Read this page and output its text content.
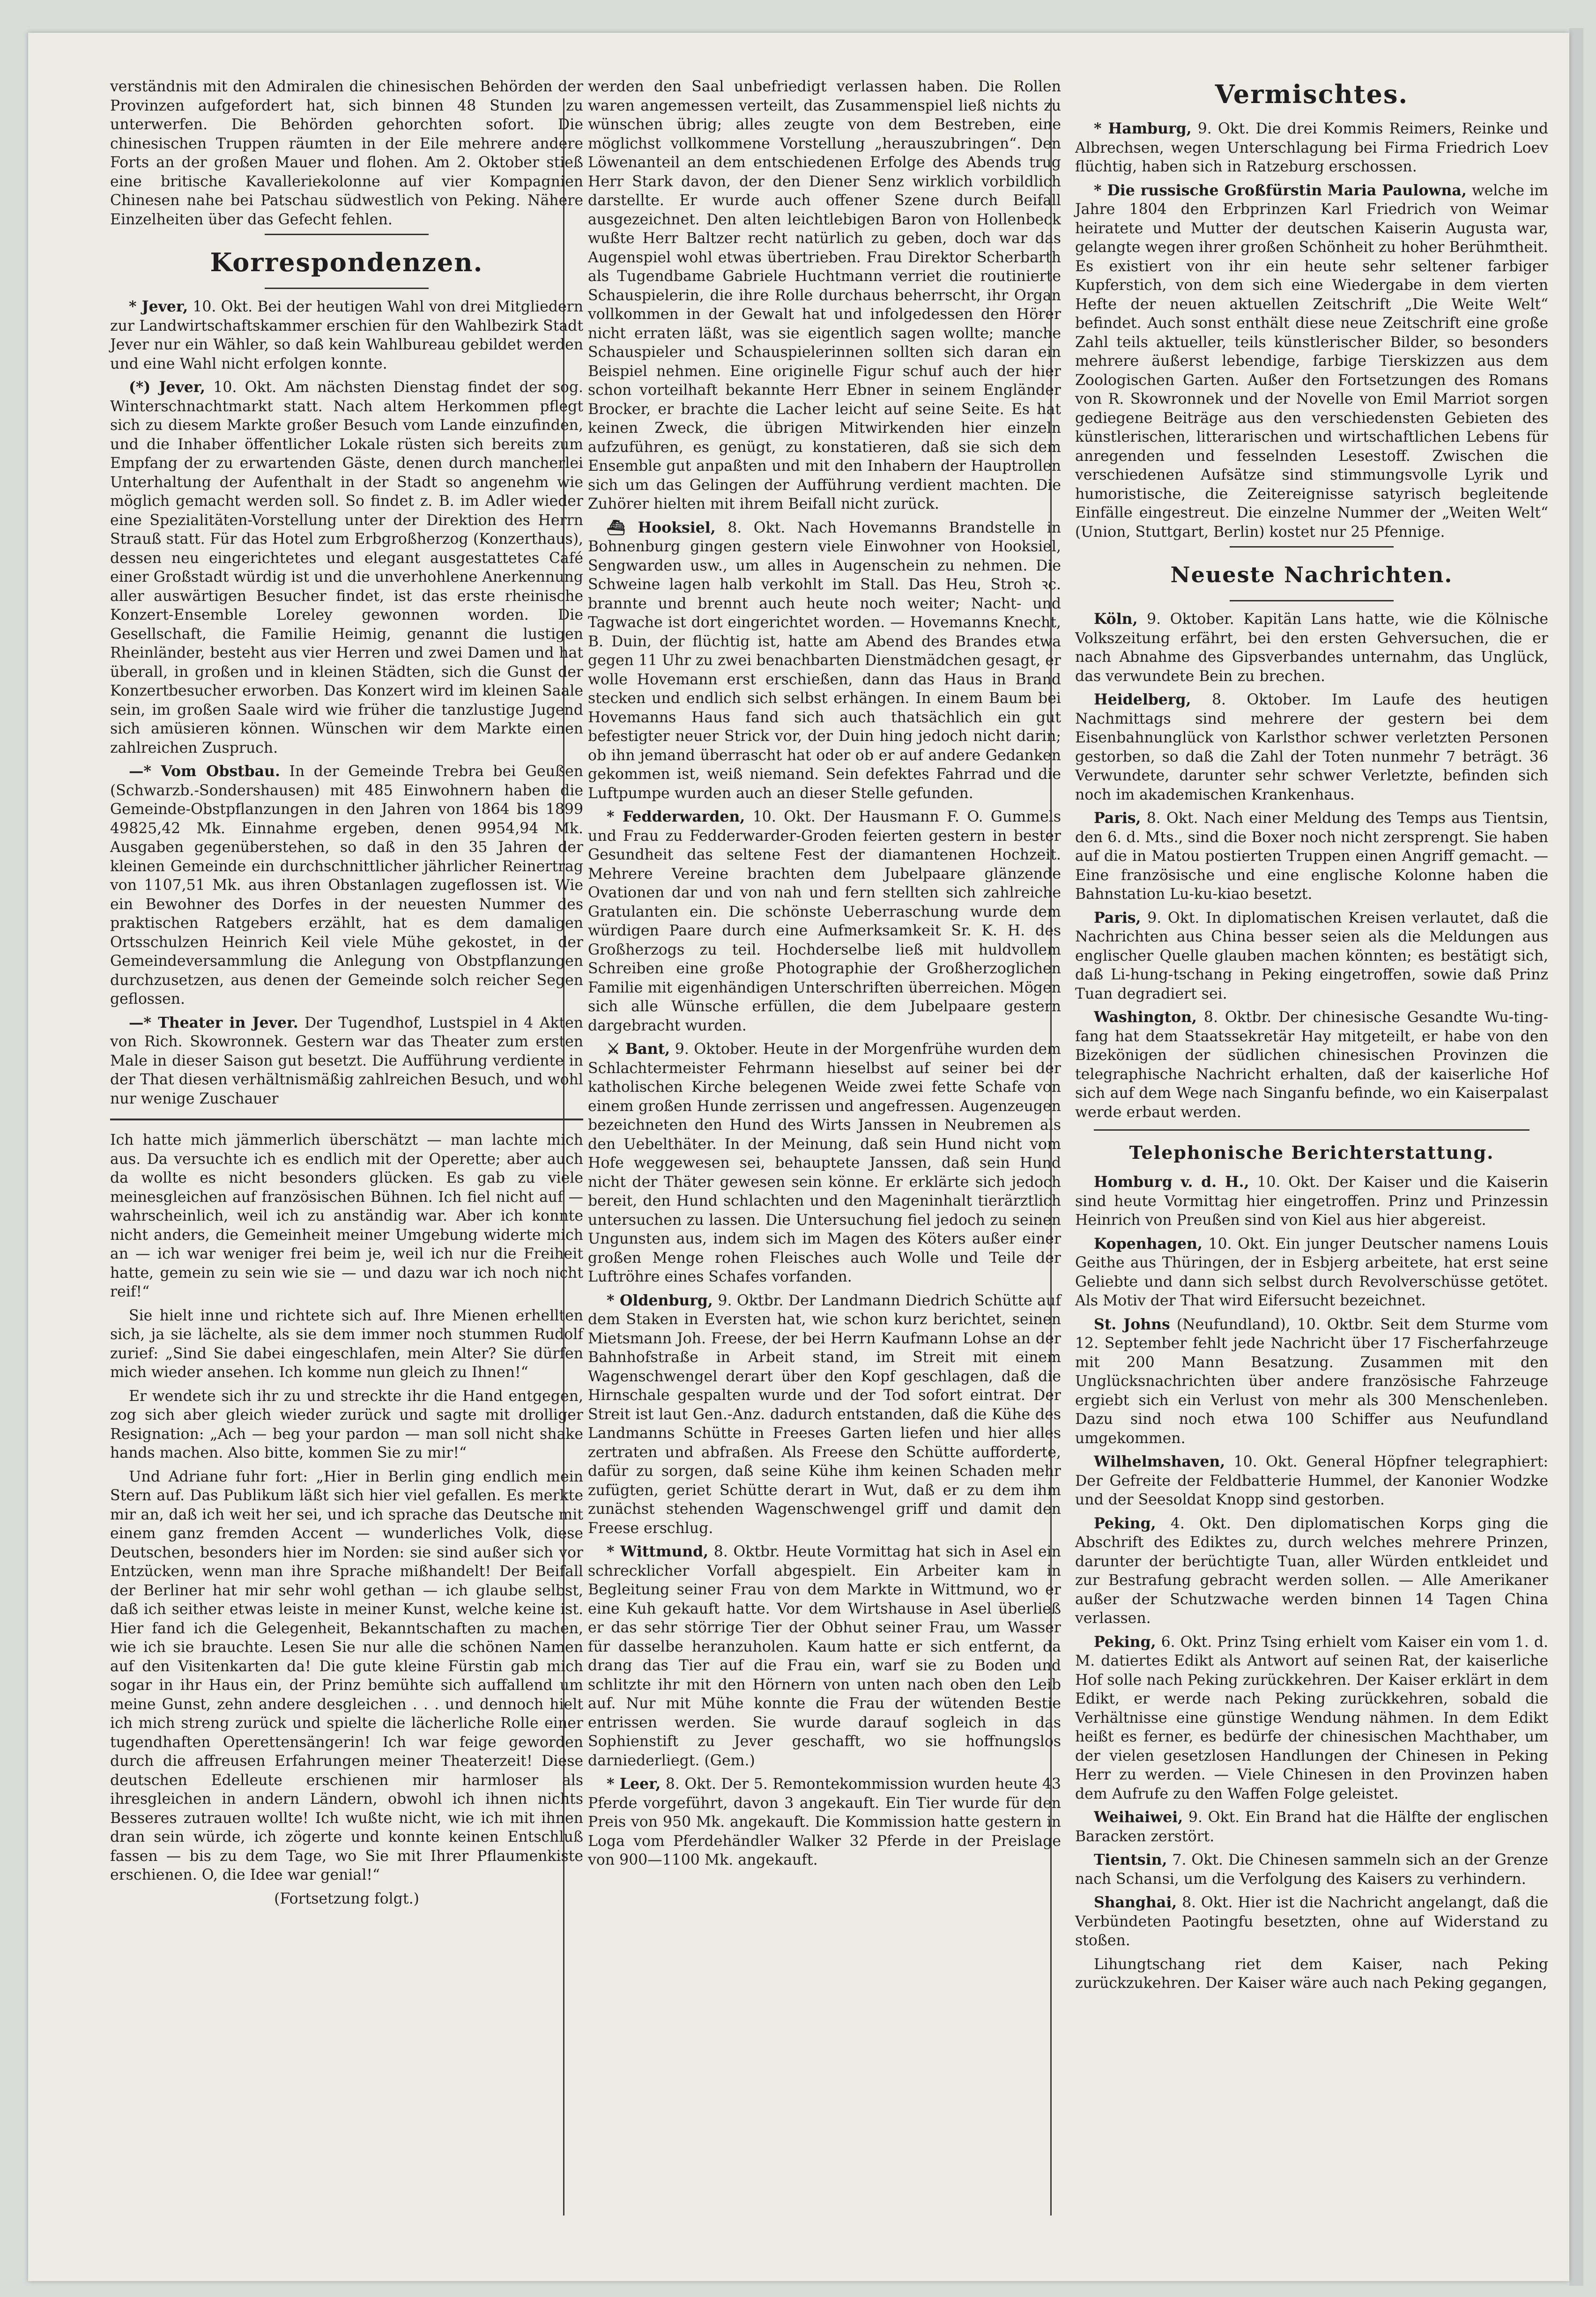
verständnis mit den Admiralen die chinesischen Behörden der Provinzen aufgefordert hat, sich binnen 48 Stunden zu unterwerfen. Die Behörden gehorchten sofort. Die chinesischen Truppen räumten in der Eile mehrere andere Forts an der großen Mauer und flohen. Am 2. Oktober stieß eine britische Kavalleriekolonne auf vier Kompagnien Chinesen nahe bei Patschau südwestlich von Peking. Nähere Einzelheiten über das Gefecht fehlen.

Korrespondenzen.

* Jever, 10. Okt. Bei der heutigen Wahl von drei Mitgliedern zur Landwirtschaftskammer erschien für den Wahlbezirk Stadt Jever nur ein Wähler, so daß kein Wahlbureau gebildet werden und eine Wahl nicht erfolgen konnte.

(*) Jever, 10. Okt. Am nächsten Dienstag findet der sog. Winterschnachtmarkt statt. Nach altem Herkommen pflegt sich zu diesem Markte großer Besuch vom Lande einzufinden, und die Inhaber öffentlicher Lokale rüsten sich bereits zum Empfang der zu erwartenden Gäste, denen durch mancherlei Unterhaltung der Aufenthalt in der Stadt so angenehm wie möglich gemacht werden soll. So findet z. B. im Adler wieder eine Spezialitäten-Vorstellung unter der Direktion des Herrn Strauß statt. Für das Hotel zum Erbgroßherzog (Konzerthaus), dessen neu eingerichtetes und elegant ausgestattetes Café einer Großstadt würdig ist und die unverhohlene Anerkennung aller auswärtigen Besucher findet, ist das erste rheinische Konzert-Ensemble Loreley gewonnen worden. Die Gesellschaft, die Familie Heimig, genannt die lustigen Rheinländer, besteht aus vier Herren und zwei Damen und hat überall, in großen und in kleinen Städten, sich die Gunst der Konzertbesucher erworben. Das Konzert wird im kleinen Saale sein, im großen Saale wird wie früher die tanzlustige Jugend sich amüsieren können. Wünschen wir dem Markte einen zahlreichen Zuspruch.

—* Vom Obstbau. In der Gemeinde Trebra bei Geußen (Schwarzb.-Sondershausen) mit 485 Einwohnern haben die Gemeinde-Obstpflanzungen in den Jahren von 1864 bis 1899 49825,42 Mk. Einnahme ergeben, denen 9954,94 Mk. Ausgaben gegenüberstehen, so daß in den 35 Jahren der kleinen Gemeinde ein durchschnittlicher jährlicher Reinertrag von 1107,51 Mk. aus ihren Obstanlagen zugeflossen ist. Wie ein Bewohner des Dorfes in der neuesten Nummer des praktischen Ratgebers erzählt, hat es dem damaligen Ortsschulzen Heinrich Keil viele Mühe gekostet, in der Gemeindeversammlung die Anlegung von Obstpflanzungen durchzusetzen, aus denen der Gemeinde solch reicher Segen geflossen.

—* Theater in Jever. Der Tugendhof, Lustspiel in 4 Akten von Rich. Skowronnek. Gestern war das Theater zum ersten Male in dieser Saison gut besetzt. Die Aufführung verdiente in der That diesen verhältnismäßig zahlreichen Besuch, und wohl nur wenige Zuschauer

Ich hatte mich jämmerlich überschätzt — man lachte mich aus. Da versuchte ich es endlich mit der Operette; aber auch da wollte es nicht besonders glücken. Es gab zu viele meinesgleichen auf französischen Bühnen. Ich fiel nicht auf — wahrscheinlich, weil ich zu anständig war. Aber ich konnte nicht anders, die Gemeinheit meiner Umgebung widerte mich an — ich war weniger frei beim je, weil ich nur die Freiheit hatte, gemein zu sein wie sie — und dazu war ich noch nicht reif!“

Sie hielt inne und richtete sich auf. Ihre Mienen erhellten sich, ja sie lächelte, als sie dem immer noch stummen Rudolf zurief: „Sind Sie dabei eingeschlafen, mein Alter? Sie dürfen mich wieder ansehen. Ich komme nun gleich zu Ihnen!“

Er wendete sich ihr zu und streckte ihr die Hand entgegen, zog sich aber gleich wieder zurück und sagte mit drolliger Resignation: „Ach — beg your pardon — man soll nicht shake hands machen. Also bitte, kommen Sie zu mir!“

Und Adriane fuhr fort: „Hier in Berlin ging endlich mein Stern auf. Das Publikum läßt sich hier viel gefallen. Es merkte mir an, daß ich weit her sei, und ich sprache das Deutsche mit einem ganz fremden Accent — wunderliches Volk, diese Deutschen, besonders hier im Norden: sie sind außer sich vor Entzücken, wenn man ihre Sprache mißhandelt! Der Beifall der Berliner hat mir sehr wohl gethan — ich glaube selbst, daß ich seither etwas leiste in meiner Kunst, welche keine ist. Hier fand ich die Gelegenheit, Bekanntschaften zu machen, wie ich sie brauchte. Lesen Sie nur alle die schönen Namen auf den Visitenkarten da! Die gute kleine Fürstin gab mich sogar in ihr Haus ein, der Prinz bemühte sich auffallend um meine Gunst, zehn andere desgleichen . . . und dennoch hielt ich mich streng zurück und spielte die lächerliche Rolle einer tugendhaften Operettensängerin! Ich war feige geworden durch die affreusen Erfahrungen meiner Theaterzeit! Diese deutschen Edelleute erschienen mir harmloser als ihresgleichen in andern Ländern, obwohl ich ihnen nichts Besseres zutrauen wollte! Ich wußte nicht, wie ich mit ihnen dran sein würde, ich zögerte und konnte keinen Entschluß fassen — bis zu dem Tage, wo Sie mit Ihrer Pflaumenkiste erschienen. O, die Idee war genial!“

(Fortsetzung folgt.)

werden den Saal unbefriedigt verlassen haben. Die Rollen waren angemessen verteilt, das Zusammenspiel ließ nichts zu wünschen übrig; alles zeugte von dem Bestreben, eine möglichst vollkommene Vorstellung „herauszubringen“. Den Löwenanteil an dem entschiedenen Erfolge des Abends trug Herr Stark davon, der den Diener Senz wirklich vorbildlich darstellte. Er wurde auch offener Szene durch Beifall ausgezeichnet. Den alten leichtlebigen Baron von Hollenbeck wußte Herr Baltzer recht natürlich zu geben, doch war das Augenspiel wohl etwas übertrieben. Frau Direktor Scherbarth als Tugendbame Gabriele Huchtmann verriet die routinierte Schauspielerin, die ihre Rolle durchaus beherrscht, ihr Organ vollkommen in der Gewalt hat und infolgedessen den Hörer nicht erraten läßt, was sie eigentlich sagen wollte; manche Schauspieler und Schauspielerinnen sollten sich daran ein Beispiel nehmen. Eine originelle Figur schuf auch der hier schon vorteilhaft bekannte Herr Ebner in seinem Engländer Brocker, er brachte die Lacher leicht auf seine Seite. Es hat keinen Zweck, die übrigen Mitwirkenden hier einzeln aufzuführen, es genügt, zu konstatieren, daß sie sich dem Ensemble gut anpaßten und mit den Inhabern der Hauptrollen sich um das Gelingen der Aufführung verdient machten. Die Zuhörer hielten mit ihrem Beifall nicht zurück.

⛴ Hooksiel, 8. Okt. Nach Hovemanns Brandstelle in Bohnenburg gingen gestern viele Einwohner von Hooksiel, Sengwarden usw., um alles in Augenschein zu nehmen. Die Schweine lagen halb verkohlt im Stall. Das Heu, Stroh ꝛc. brannte und brennt auch heute noch weiter; Nacht- und Tagwache ist dort eingerichtet worden. — Hovemanns Knecht, B. Duin, der flüchtig ist, hatte am Abend des Brandes etwa gegen 11 Uhr zu zwei benachbarten Dienstmädchen gesagt, er wolle Hovemann erst erschießen, dann das Haus in Brand stecken und endlich sich selbst erhängen. In einem Baum bei Hovemanns Haus fand sich auch thatsächlich ein gut befestigter neuer Strick vor, der Duin hing jedoch nicht darin; ob ihn jemand überrascht hat oder ob er auf andere Gedanken gekommen ist, weiß niemand. Sein defektes Fahrrad und die Luftpumpe wurden auch an dieser Stelle gefunden.

* Fedderwarden, 10. Okt. Der Hausmann F. O. Gummels und Frau zu Fedderwarder-Groden feierten gestern in bester Gesundheit das seltene Fest der diamantenen Hochzeit. Mehrere Vereine brachten dem Jubelpaare glänzende Ovationen dar und von nah und fern stellten sich zahlreiche Gratulanten ein. Die schönste Ueberraschung wurde dem würdigen Paare durch eine Aufmerksamkeit Sr. K. H. des Großherzogs zu teil. Hochderselbe ließ mit huldvollem Schreiben eine große Photographie der Großherzoglichen Familie mit eigenhändigen Unterschriften überreichen. Mögen sich alle Wünsche erfüllen, die dem Jubelpaare gestern dargebracht wurden.

⚔ Bant, 9. Oktober. Heute in der Morgenfrühe wurden dem Schlachtermeister Fehrmann hieselbst auf seiner bei der katholischen Kirche belegenen Weide zwei fette Schafe von einem großen Hunde zerrissen und angefressen. Augenzeugen bezeichneten den Hund des Wirts Janssen in Neubremen als den Uebelthäter. In der Meinung, daß sein Hund nicht vom Hofe weggewesen sei, behauptete Janssen, daß sein Hund nicht der Thäter gewesen sein könne. Er erklärte sich jedoch bereit, den Hund schlachten und den Mageninhalt tierärztlich untersuchen zu lassen. Die Untersuchung fiel jedoch zu seinen Ungunsten aus, indem sich im Magen des Köters außer einer großen Menge rohen Fleisches auch Wolle und Teile der Luftröhre eines Schafes vorfanden.

* Oldenburg, 9. Oktbr. Der Landmann Diedrich Schütte auf dem Staken in Eversten hat, wie schon kurz berichtet, seinen Mietsmann Joh. Freese, der bei Herrn Kaufmann Lohse an der Bahnhofstraße in Arbeit stand, im Streit mit einem Wagenschwengel derart über den Kopf geschlagen, daß die Hirnschale gespalten wurde und der Tod sofort eintrat. Der Streit ist laut Gen.-Anz. dadurch entstanden, daß die Kühe des Landmanns Schütte in Freeses Garten liefen und hier alles zertraten und abfraßen. Als Freese den Schütte aufforderte, dafür zu sorgen, daß seine Kühe ihm keinen Schaden mehr zufügten, geriet Schütte derart in Wut, daß er zu dem ihm zunächst stehenden Wagenschwengel griff und damit den Freese erschlug.

* Wittmund, 8. Oktbr. Heute Vormittag hat sich in Asel ein schrecklicher Vorfall abgespielt. Ein Arbeiter kam in Begleitung seiner Frau von dem Markte in Wittmund, wo er eine Kuh gekauft hatte. Vor dem Wirtshause in Asel überließ er das sehr störrige Tier der Obhut seiner Frau, um Wasser für dasselbe heranzuholen. Kaum hatte er sich entfernt, da drang das Tier auf die Frau ein, warf sie zu Boden und schlitzte ihr mit den Hörnern von unten nach oben den Leib auf. Nur mit Mühe konnte die Frau der wütenden Bestie entrissen werden. Sie wurde darauf sogleich in das Sophienstift zu Jever geschafft, wo sie hoffnungslos darniederliegt. (Gem.)

* Leer, 8. Okt. Der 5. Remontekommission wurden heute 43 Pferde vorgeführt, davon 3 angekauft. Ein Tier wurde für den Preis von 950 Mk. angekauft. Die Kommission hatte gestern in Loga vom Pferdehändler Walker 32 Pferde in der Preislage von 900—1100 Mk. angekauft.

Vermischtes.

* Hamburg, 9. Okt. Die drei Kommis Reimers, Reinke und Albrechsen, wegen Unterschlagung bei Firma Friedrich Loev flüchtig, haben sich in Ratzeburg erschossen.

* Die russische Großfürstin Maria Paulowna, welche im Jahre 1804 den Erbprinzen Karl Friedrich von Weimar heiratete und Mutter der deutschen Kaiserin Augusta war, gelangte wegen ihrer großen Schönheit zu hoher Berühmtheit. Es existiert von ihr ein heute sehr seltener farbiger Kupferstich, von dem sich eine Wiedergabe in dem vierten Hefte der neuen aktuellen Zeitschrift „Die Weite Welt“ befindet. Auch sonst enthält diese neue Zeitschrift eine große Zahl teils aktueller, teils künstlerischer Bilder, so besonders mehrere äußerst lebendige, farbige Tierskizzen aus dem Zoologischen Garten. Außer den Fortsetzungen des Romans von R. Skowronnek und der Novelle von Emil Marriot sorgen gediegene Beiträge aus den verschiedensten Gebieten des künstlerischen, litterarischen und wirtschaftlichen Lebens für anregenden und fesselnden Lesestoff. Zwischen die verschiedenen Aufsätze sind stimmungsvolle Lyrik und humoristische, die Zeitereignisse satyrisch begleitende Einfälle eingestreut. Die einzelne Nummer der „Weiten Welt“ (Union, Stuttgart, Berlin) kostet nur 25 Pfennige.

Neueste Nachrichten.

Köln, 9. Oktober. Kapitän Lans hatte, wie die Kölnische Volkszeitung erfährt, bei den ersten Gehversuchen, die er nach Abnahme des Gipsverbandes unternahm, das Unglück, das verwundete Bein zu brechen.

Heidelberg, 8. Oktober. Im Laufe des heutigen Nachmittags sind mehrere der gestern bei dem Eisenbahnunglück von Karlsthor schwer verletzten Personen gestorben, so daß die Zahl der Toten nunmehr 7 beträgt. 36 Verwundete, darunter sehr schwer Verletzte, befinden sich noch im akademischen Krankenhaus.

Paris, 8. Okt. Nach einer Meldung des Temps aus Tientsin, den 6. d. Mts., sind die Boxer noch nicht zersprengt. Sie haben auf die in Matou postierten Truppen einen Angriff gemacht. — Eine französische und eine englische Kolonne haben die Bahnstation Lu-ku-kiao besetzt.

Paris, 9. Okt. In diplomatischen Kreisen verlautet, daß die Nachrichten aus China besser seien als die Meldungen aus englischer Quelle glauben machen könnten; es bestätigt sich, daß Li-hung-tschang in Peking eingetroffen, sowie daß Prinz Tuan degradiert sei.

Washington, 8. Oktbr. Der chinesische Gesandte Wu-ting-fang hat dem Staatssekretär Hay mitgeteilt, er habe von den Bizekönigen der südlichen chinesischen Provinzen die telegraphische Nachricht erhalten, daß der kaiserliche Hof sich auf dem Wege nach Singanfu befinde, wo ein Kaiserpalast werde erbaut werden.

Telephonische Berichterstattung.

Homburg v. d. H., 10. Okt. Der Kaiser und die Kaiserin sind heute Vormittag hier eingetroffen. Prinz und Prinzessin Heinrich von Preußen sind von Kiel aus hier abgereist.

Kopenhagen, 10. Okt. Ein junger Deutscher namens Louis Geithe aus Thüringen, der in Esbjerg arbeitete, hat erst seine Geliebte und dann sich selbst durch Revolverschüsse getötet. Als Motiv der That wird Eifersucht bezeichnet.

St. Johns (Neufundland), 10. Oktbr. Seit dem Sturme vom 12. September fehlt jede Nachricht über 17 Fischerfahrzeuge mit 200 Mann Besatzung. Zusammen mit den Unglücksnachrichten über andere französische Fahrzeuge ergiebt sich ein Verlust von mehr als 300 Menschenleben. Dazu sind noch etwa 100 Schiffer aus Neufundland umgekommen.

Wilhelmshaven, 10. Okt. General Höpfner telegraphiert: Der Gefreite der Feldbatterie Hummel, der Kanonier Wodzke und der Seesoldat Knopp sind gestorben.

Peking, 4. Okt. Den diplomatischen Korps ging die Abschrift des Ediktes zu, durch welches mehrere Prinzen, darunter der berüchtigte Tuan, aller Würden entkleidet und zur Bestrafung gebracht werden sollen. — Alle Amerikaner außer der Schutzwache werden binnen 14 Tagen China verlassen.

Peking, 6. Okt. Prinz Tsing erhielt vom Kaiser ein vom 1. d. M. datiertes Edikt als Antwort auf seinen Rat, der kaiserliche Hof solle nach Peking zurückkehren. Der Kaiser erklärt in dem Edikt, er werde nach Peking zurückkehren, sobald die Verhältnisse eine günstige Wendung nähmen. In dem Edikt heißt es ferner, es bedürfe der chinesischen Machthaber, um der vielen gesetzlosen Handlungen der Chinesen in Peking Herr zu werden. — Viele Chinesen in den Provinzen haben dem Aufrufe zu den Waffen Folge geleistet.

Weihaiwei, 9. Okt. Ein Brand hat die Hälfte der englischen Baracken zerstört.

Tientsin, 7. Okt. Die Chinesen sammeln sich an der Grenze nach Schansi, um die Verfolgung des Kaisers zu verhindern.

Shanghai, 8. Okt. Hier ist die Nachricht angelangt, daß die Verbündeten Paotingfu besetzten, ohne auf Widerstand zu stoßen.

Lihungtschang riet dem Kaiser, nach Peking zurückzukehren. Der Kaiser wäre auch nach Peking gegangen,
